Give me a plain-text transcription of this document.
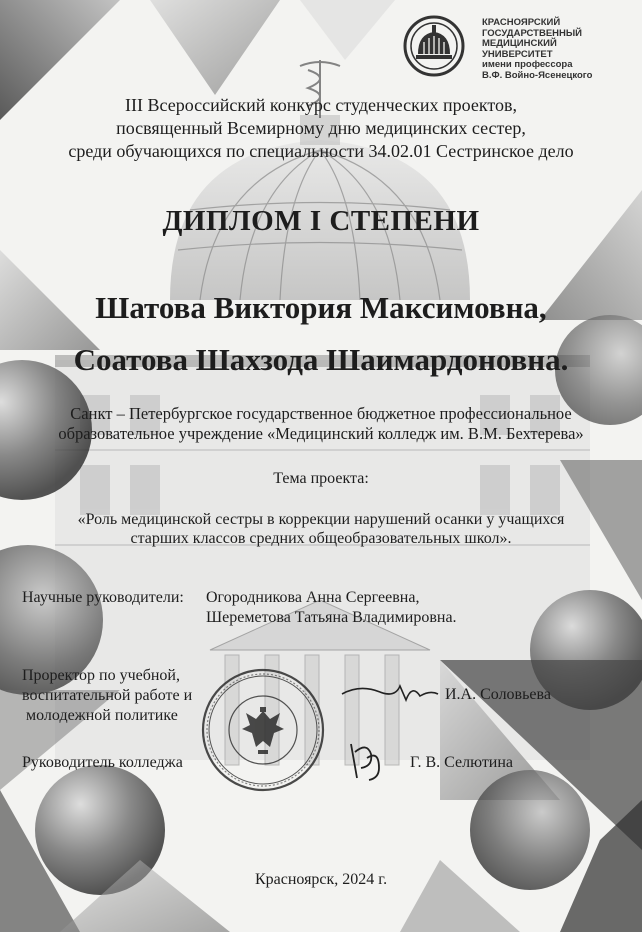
КРАСНОЯРСКИЙ
ГОСУДАРСТВЕННЫЙ
МЕДИЦИНСКИЙ
УНИВЕРСИТЕТ
имени профессора
В.Ф. Войно-Ясенецкого
III Всероссийский конкурс студенческих проектов,
посвященный Всемирному дню медицинских сестер,
среди обучающихся по специальности 34.02.01 Сестринское дело
ДИПЛОМ I СТЕПЕНИ
Шатова Виктория Максимовна,
Соатова Шахзода Шаимардоновна.
Санкт – Петербургское государственное бюджетное профессиональное
образовательное учреждение «Медицинский колледж им. В.М. Бехтерева»
Тема проекта:
«Роль медицинской сестры в коррекции нарушений осанки у учащихся
старших классов средних общеобразовательных школ».
Научные руководители: Огородникова Анна Сергеевна,
Шереметова Татьяна Владимировна.
Проректор по учебной,
воспитательной работе и
молодежной политике
И.А. Соловьева
Руководитель колледжа	Г. В. Селютина
Красноярск, 2024 г.
